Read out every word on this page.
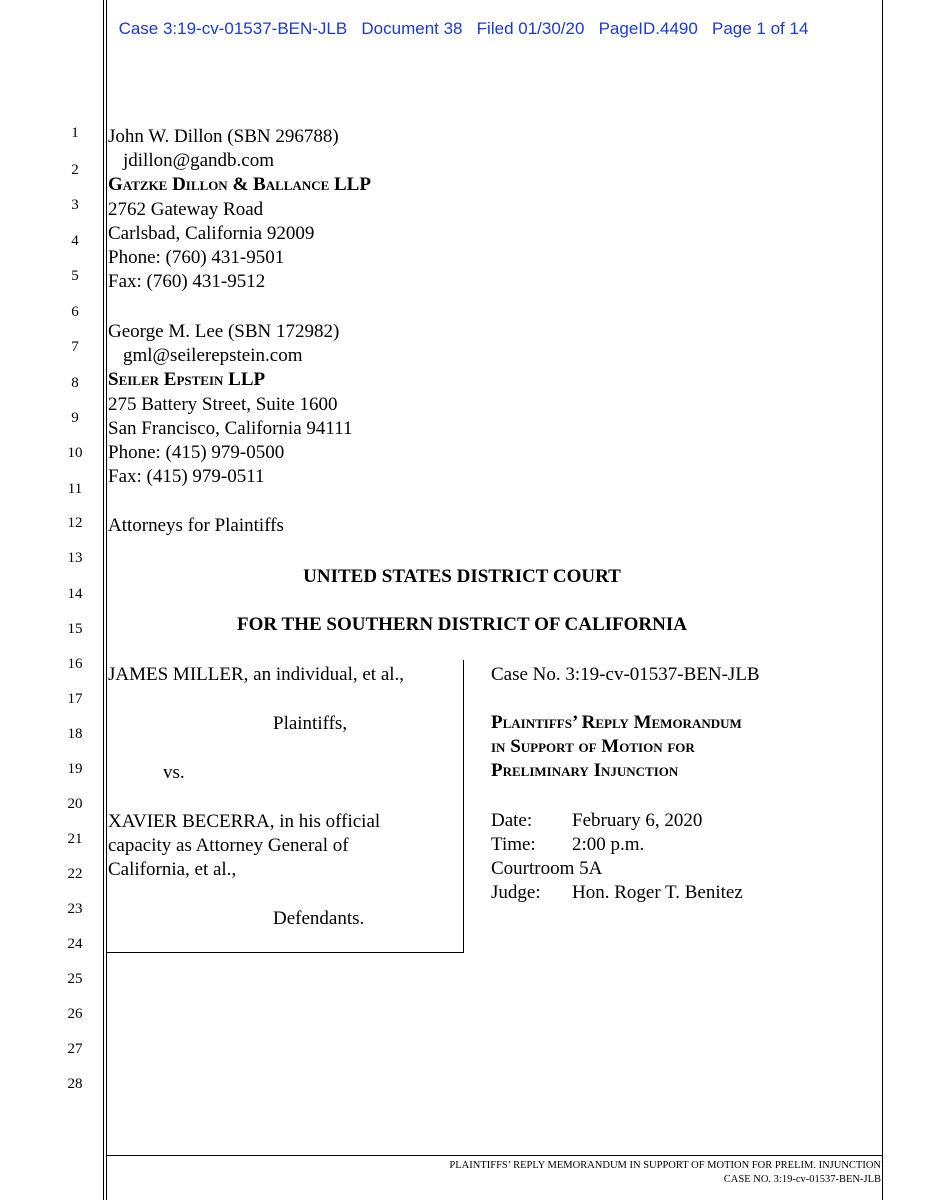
Case 3:19-cv-01537-BEN-JLB   Document 38   Filed 01/30/20   PageID.4490   Page 1 of 14
1
2
3
4
5
6
7
8
9
10
11
12
13
14
15
16
17
18
19
20
21
22
23
24
25
26
27
28
John W. Dillon (SBN 296788)
jdillon@gandb.com
Gatzke Dillon & Ballance LLP
2762 Gateway Road
Carlsbad, California 92009
Phone: (760) 431-9501
Fax: (760) 431-9512
George M. Lee (SBN 172982)
gml@seilerepstein.com
Seiler Epstein LLP
275 Battery Street, Suite 1600
San Francisco, California 94111
Phone: (415) 979-0500
Fax: (415) 979-0511
Attorneys for Plaintiffs
UNITED STATES DISTRICT COURT
FOR THE SOUTHERN DISTRICT OF CALIFORNIA
JAMES MILLER, an individual, et al.,
Plaintiffs,
vs.
XAVIER BECERRA, in his official
capacity as Attorney General of
California, et al.,
Defendants.
Case No. 3:19-cv-01537-BEN-JLB
Plaintiffs’ Reply Memorandum
in Support of Motion for
Preliminary Injunction
Date: February 6, 2020
Time: 2:00 p.m.
Courtroom 5A
Judge: Hon. Roger T. Benitez
PLAINTIFFS’ REPLY MEMORANDUM IN SUPPORT OF MOTION FOR PRELIM. INJUNCTION
CASE NO. 3:19-cv-01537-BEN-JLB
